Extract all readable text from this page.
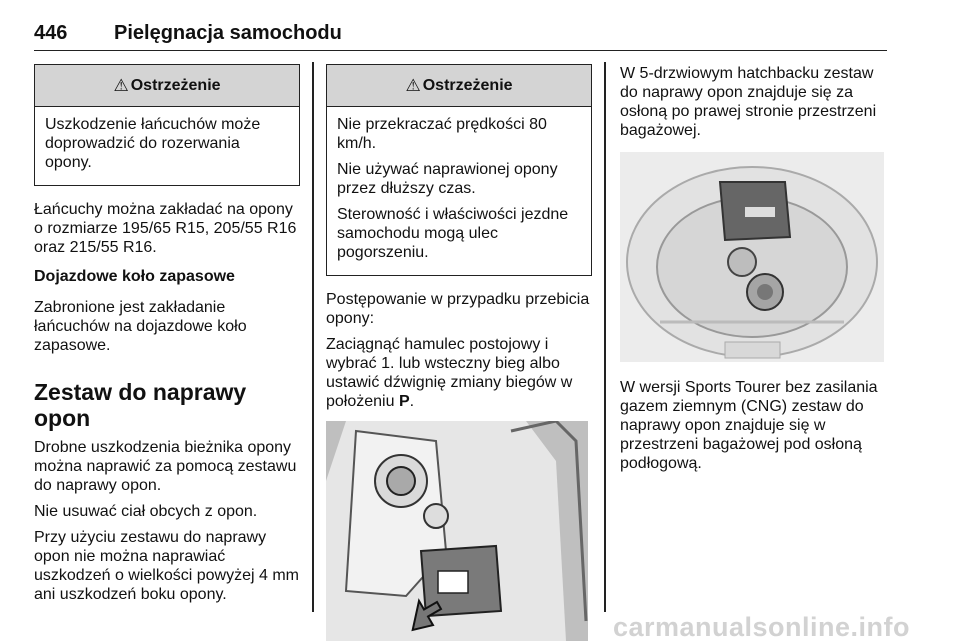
446 Pielęgnacja samochodu
⚠ Ostrzeżenie

Uszkodzenie łańcuchów może doprowadzić do rozerwania opony.

Łańcuchy można zakładać na opony o rozmiarze 195/65 R15, 205/55 R16 oraz 215/55 R16.

Dojazdowe koło zapasowe

Zabronione jest zakładanie łańcuchów na dojazdowe koło zapasowe.

Zestaw do naprawy opon

Drobne uszkodzenia bieżnika opony można naprawić za pomocą zestawu do naprawy opon.

Nie usuwać ciał obcych z opon.

Przy użyciu zestawu do naprawy opon nie można naprawiać uszkodzeń o wielkości powyżej 4 mm ani uszkodzeń boku opony.

⚠ Ostrzeżenie

Nie przekraczać prędkości 80 km/h.

Nie używać naprawionej opony przez dłuższy czas.

Sterowność i właściwości jezdne samochodu mogą ulec pogorszeniu.

Postępowanie w przypadku przebicia opony:

Zaciągnąć hamulec postojowy i wybrać 1. lub wsteczny bieg albo ustawić dźwignię zmiany biegów w położeniu P.

W 5-drzwiowym hatchbacku zestaw do naprawy opon znajduje się za osłoną po prawej stronie przestrzeni bagażowej.

W wersji Sports Tourer bez zasilania gazem ziemnym (CNG) zestaw do naprawy opon znajduje się w przestrzeni bagażowej pod osłoną podłogową.

carmanualsonline.info
